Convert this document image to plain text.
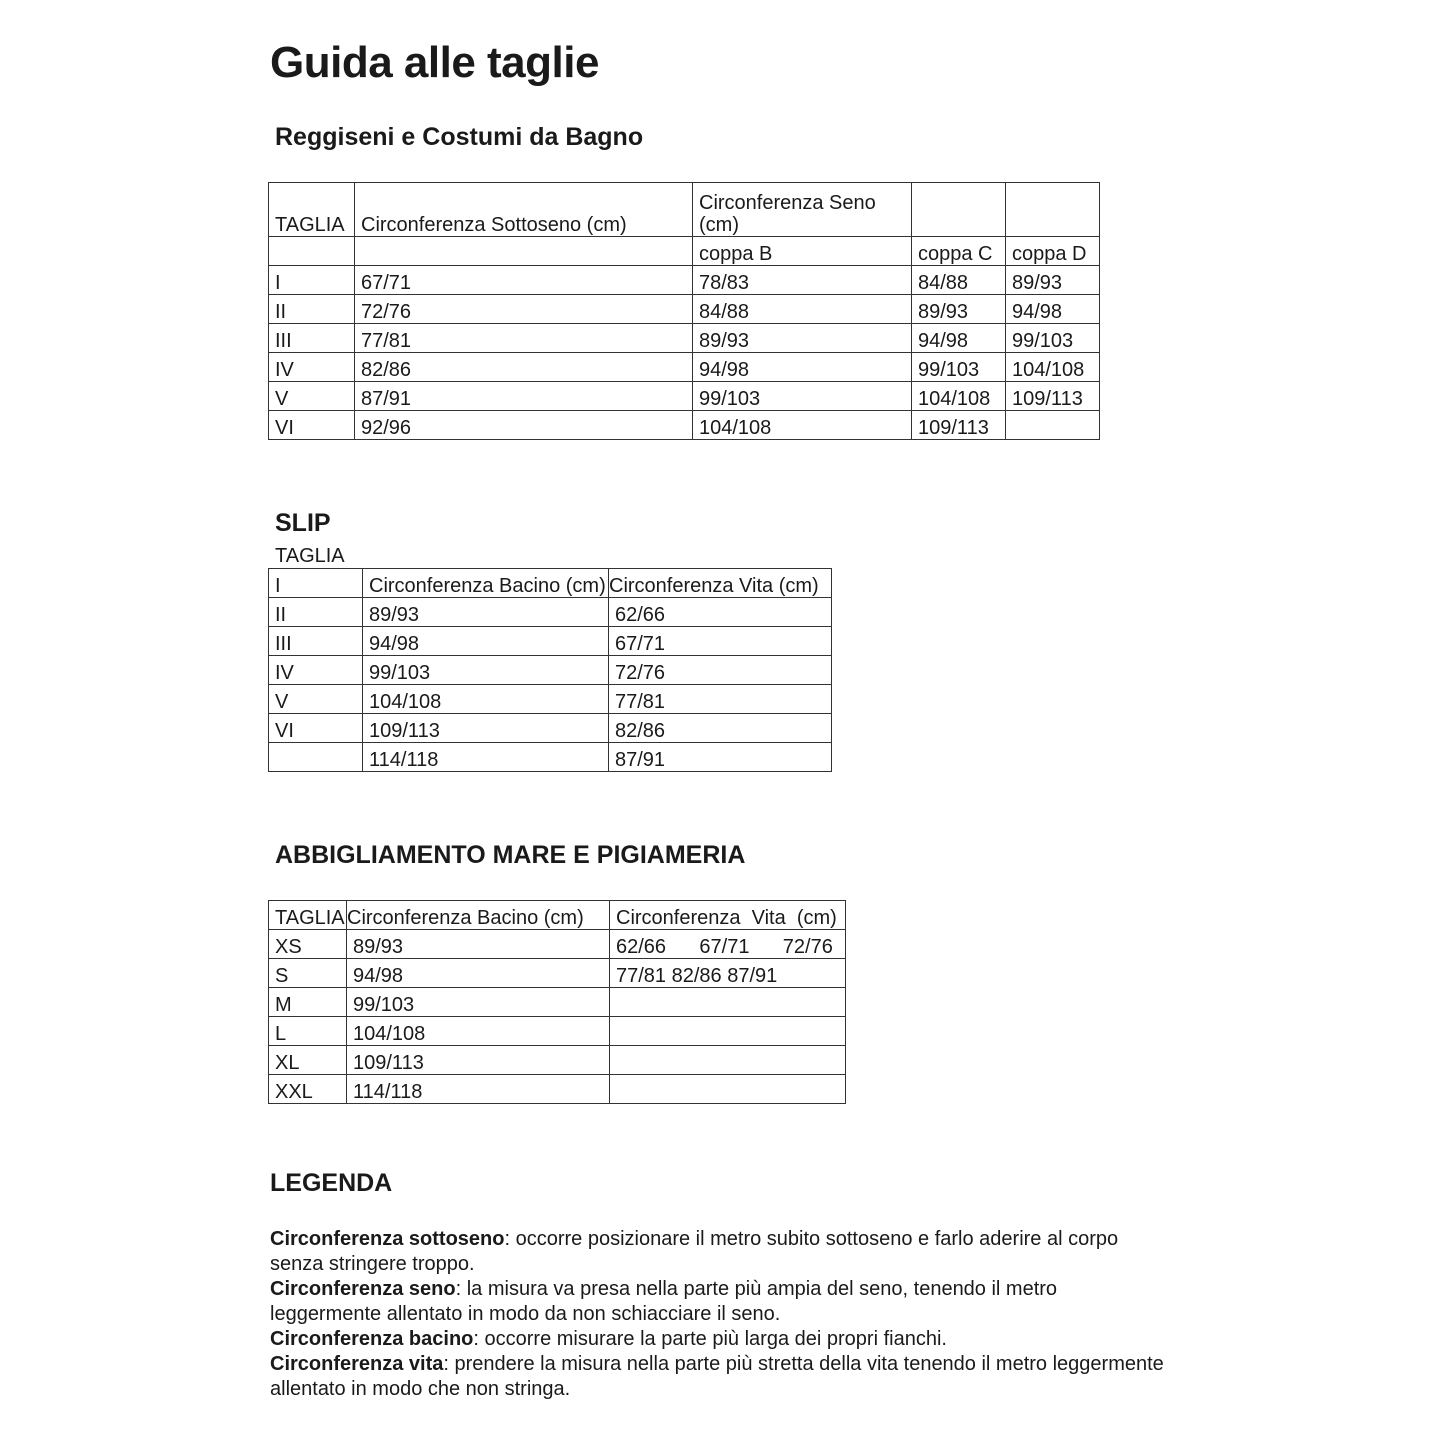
Guida alle taglie
Reggiseni e Costumi da Bagno
TAGLIA	Circonferenza Sottoseno (cm)	Circonferenza Seno (cm)		
		coppa B	coppa C	coppa D
I	67/71	78/83	84/88	89/93
II	72/76	84/88	89/93	94/98
III	77/81	89/93	94/98	99/103
IV	82/86	94/98	99/103	104/108
V	87/91	99/103	104/108	109/113
VI	92/96	104/108	109/113	
SLIP
TAGLIA
I	Circonferenza Bacino (cm)	Circonferenza Vita (cm)
II	89/93	62/66
III	94/98	67/71
IV	99/103	72/76
V	104/108	77/81
VI	109/113	82/86
	114/118	87/91
ABBIGLIAMENTO MARE E PIGIAMERIA
TAGLIA	Circonferenza Bacino (cm)	Circonferenza  Vita  (cm)
XS	89/93	62/66      67/71      72/76
S	94/98	77/81 82/86 87/91
M	99/103	
L	104/108	
XL	109/113	
XXL	114/118	
LEGENDA

Circonferenza sottoseno: occorre posizionare il metro subito sottoseno e farlo aderire al corpo senza stringere troppo.

Circonferenza seno: la misura va presa nella parte più ampia del seno, tenendo il metro leggermente allentato in modo da non schiacciare il seno.

Circonferenza bacino: occorre misurare la parte più larga dei propri fianchi.

Circonferenza vita: prendere la misura nella parte più stretta della vita tenendo il metro leggermente allentato in modo che non stringa.
